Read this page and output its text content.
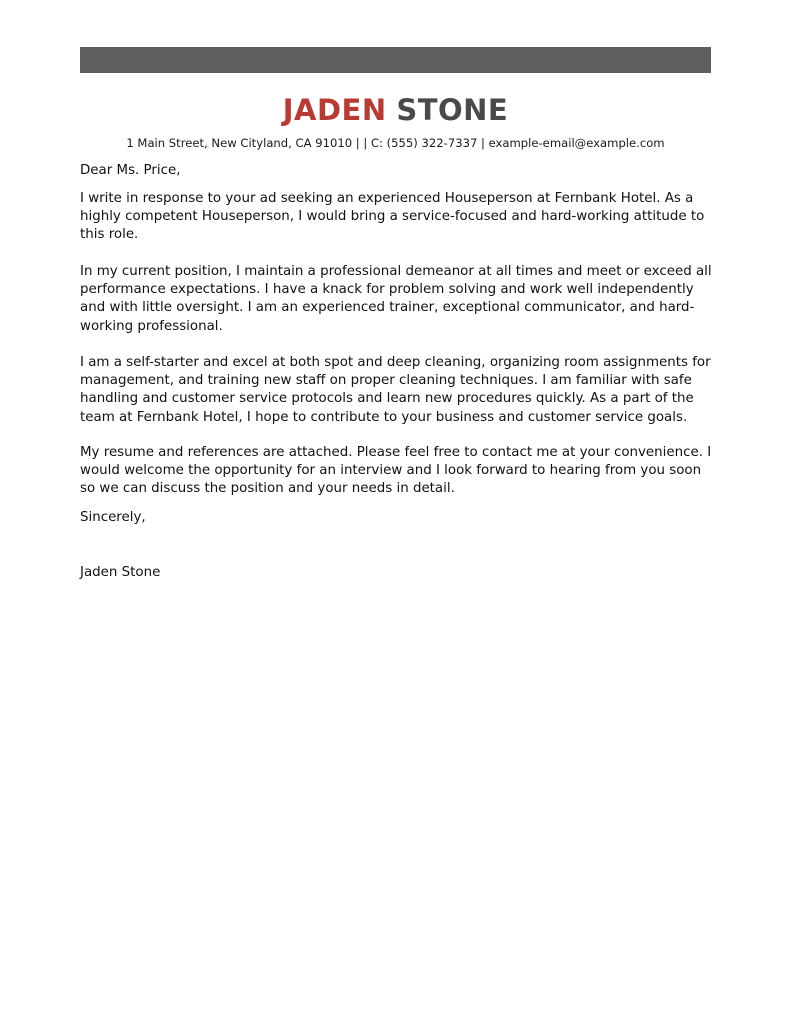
JADEN STONE
1 Main Street, New Cityland, CA 91010 | | C: (555) 322-7337 | example-email@example.com

Dear Ms. Price,

I write in response to your ad seeking an experienced Houseperson at Fernbank Hotel. As a highly competent Houseperson, I would bring a service-focused and hard-working attitude to this role.

In my current position, I maintain a professional demeanor at all times and meet or exceed all performance expectations. I have a knack for problem solving and work well independently and with little oversight. I am an experienced trainer, exceptional communicator, and hard-working professional.

I am a self-starter and excel at both spot and deep cleaning, organizing room assignments for management, and training new staff on proper cleaning techniques. I am familiar with safe handling and customer service protocols and learn new procedures quickly. As a part of the team at Fernbank Hotel, I hope to contribute to your business and customer service goals.

My resume and references are attached. Please feel free to contact me at your convenience. I would welcome the opportunity for an interview and I look forward to hearing from you soon so we can discuss the position and your needs in detail.

Sincerely,

Jaden Stone
